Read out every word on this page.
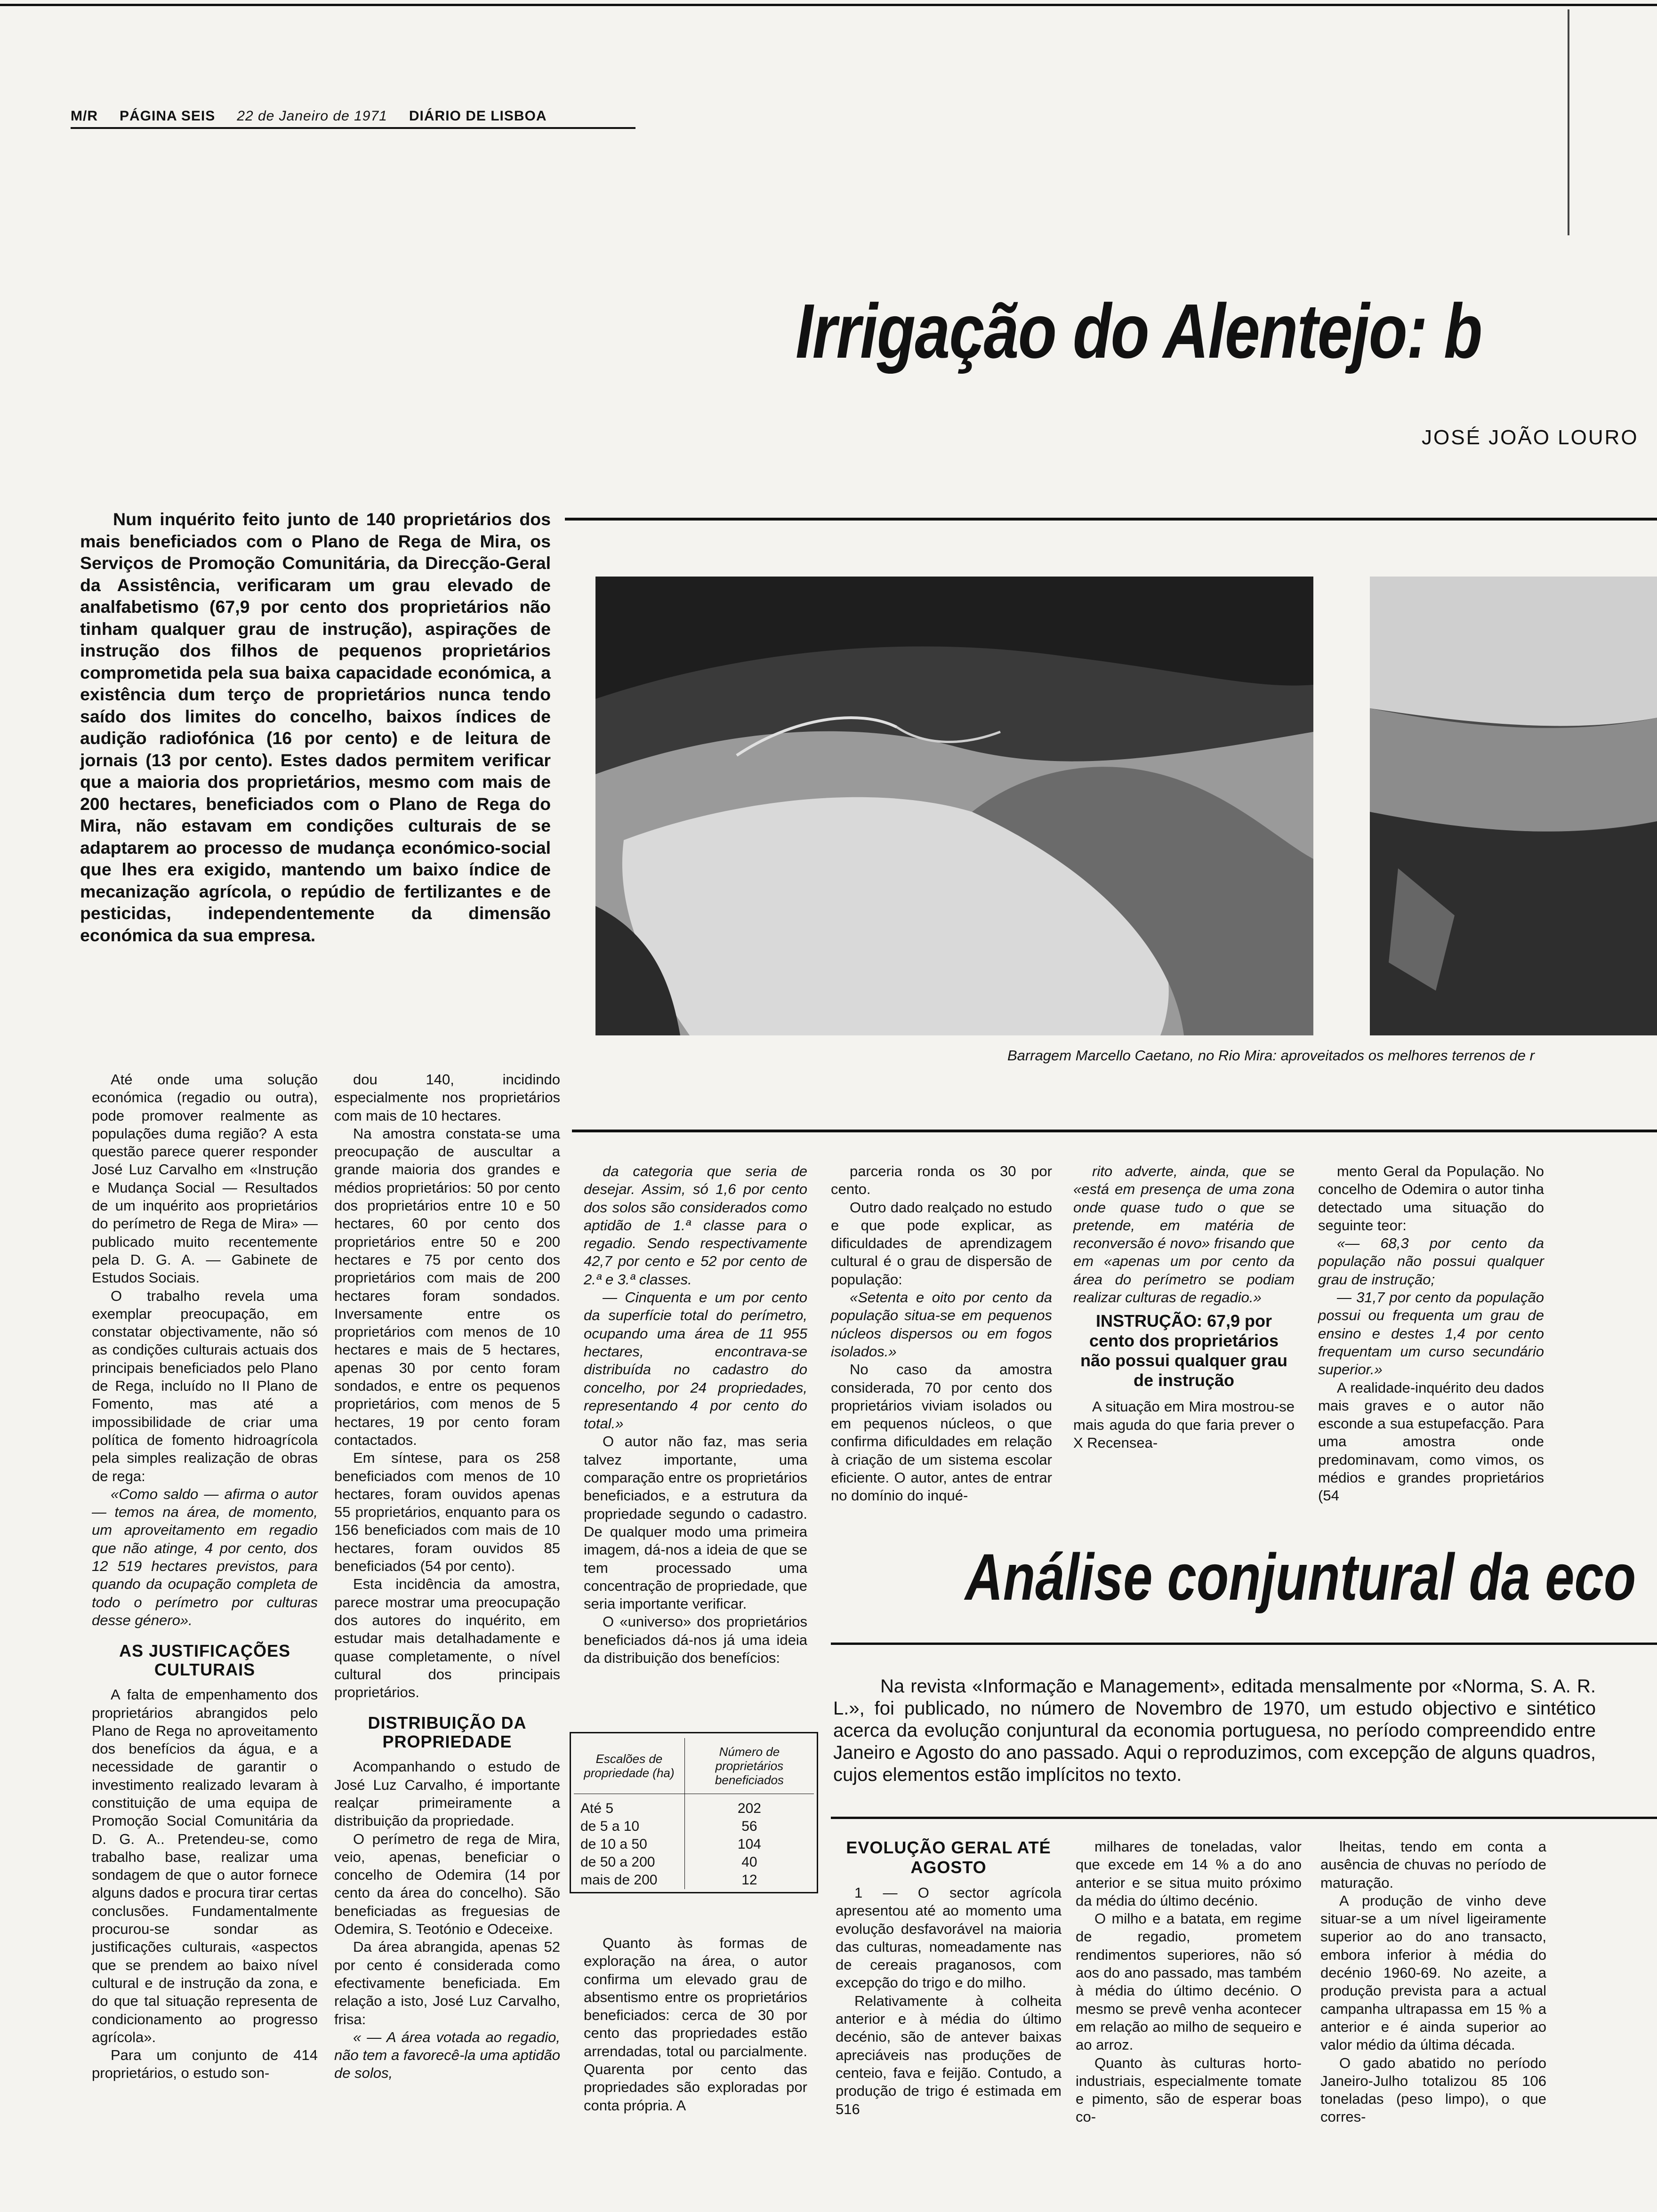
M/R PÁGINA SEIS 22 de Janeiro de 1971 DIÁRIO DE LISBOA
Irrigação do Alentejo: b
JOSÉ JOÃO LOURO
Num inquérito feito junto de 140 proprietários dos mais beneficiados com o Plano de Rega de Mira, os Serviços de Promoção Comunitária, da Direcção-Geral da Assistência, verificaram um grau elevado de analfabetismo (67,9 por cento dos proprietários não tinham qualquer grau de instrução), aspirações de instrução dos filhos de pequenos proprietários comprometida pela sua baixa capacidade económica, a existência dum terço de proprietários nunca tendo saído dos limites do concelho, baixos índices de audição radiofónica (16 por cento) e de leitura de jornais (13 por cento). Estes dados permitem verificar que a maioria dos proprietários, mesmo com mais de 200 hectares, beneficiados com o Plano de Rega do Mira, não estavam em condições culturais de se adaptarem ao processo de mudança económico-social que lhes era exigido, mantendo um baixo índice de mecanização agrícola, o repúdio de fertilizantes e de pesticidas, independentemente da dimensão económica da sua empresa.
Barragem Marcello Caetano, no Rio Mira: aproveitados os melhores terrenos de r

Até onde uma solução económica (regadio ou outra), pode promover realmente as populações duma região? A esta questão parece querer responder José Luz Carvalho em «Instrução e Mudança Social — Resultados de um inquérito aos proprietários do perímetro de Rega de Mira» — publicado muito recentemente pela D. G. A. — Gabinete de Estudos Sociais.

O trabalho revela uma exemplar preocupação, em constatar objectivamente, não só as condições culturais actuais dos principais beneficiados pelo Plano de Rega, incluído no II Plano de Fomento, mas até a impossibilidade de criar uma política de fomento hidroagrícola pela simples realização de obras de rega:

«Como saldo — afirma o autor — temos na área, de momento, um aproveitamento em regadio que não atinge, 4 por cento, dos 12 519 hectares previstos, para quando da ocupação completa de todo o perímetro por culturas desse género».

AS JUSTIFICAÇÕES CULTURAIS

A falta de empenhamento dos proprietários abrangidos pelo Plano de Rega no aproveitamento dos benefícios da água, e a necessidade de garantir o investimento realizado levaram à constituição de uma equipa de Promoção Social Comunitária da D. G. A.. Pretendeu-se, como trabalho base, realizar uma sondagem de que o autor fornece alguns dados e procura tirar certas conclusões. Fundamentalmente procurou-se sondar as justificações culturais, «aspectos que se prendem ao baixo nível cultural e de instrução da zona, e do que tal situação representa de condicionamento ao progresso agrícola».

Para um conjunto de 414 proprietários, o estudo son-

dou 140, incidindo especialmente nos proprietários com mais de 10 hectares.

Na amostra constata-se uma preocupação de auscultar a grande maioria dos grandes e médios proprietários: 50 por cento dos proprietários entre 10 e 50 hectares, 60 por cento dos proprietários entre 50 e 200 hectares e 75 por cento dos proprietários com mais de 200 hectares foram sondados. Inversamente entre os proprietários com menos de 10 hectares e mais de 5 hectares, apenas 30 por cento foram sondados, e entre os pequenos proprietários, com menos de 5 hectares, 19 por cento foram contactados.

Em síntese, para os 258 beneficiados com menos de 10 hectares, foram ouvidos apenas 55 proprietários, enquanto para os 156 beneficiados com mais de 10 hectares, foram ouvidos 85 beneficiados (54 por cento).

Esta incidência da amostra, parece mostrar uma preocupação dos autores do inquérito, em estudar mais detalhadamente e quase completamente, o nível cultural dos principais proprietários.

DISTRIBUIÇÃO DA PROPRIEDADE

Acompanhando o estudo de José Luz Carvalho, é importante realçar primeiramente a distribuição da propriedade.

O perímetro de rega de Mira, veio, apenas, beneficiar o concelho de Odemira (14 por cento da área do concelho). São beneficiadas as freguesias de Odemira, S. Teotónio e Odeceixe.

Da área abrangida, apenas 52 por cento é considerada como efectivamente beneficiada. Em relação a isto, José Luz Carvalho, frisa:

« — A área votada ao regadio, não tem a favorecê-la uma aptidão de solos,

da categoria que seria de desejar. Assim, só 1,6 por cento dos solos são considerados como aptidão de 1.ª classe para o regadio. Sendo respectivamente 42,7 por cento e 52 por cento de 2.ª e 3.ª classes.

— Cinquenta e um por cento da superfície total do perímetro, ocupando uma área de 11 955 hectares, encontrava-se distribuída no cadastro do concelho, por 24 propriedades, representando 4 por cento do total.»

O autor não faz, mas seria talvez importante, uma comparação entre os proprietários beneficiados, e a estrutura da propriedade segundo o cadastro. De qualquer modo uma primeira imagem, dá-nos a ideia de que se tem processado uma concentração de propriedade, que seria importante verificar.

O «universo» dos proprietários beneficiados dá-nos já uma ideia da distribuição dos benefícios:

Escalões de propriedade (ha)	Número de proprietários beneficiados
Até 5	202
de 5 a 10	56
de 10 a 50	104
de 50 a 200	40
mais de 200	12

Quanto às formas de exploração na área, o autor confirma um elevado grau de absentismo entre os proprietários beneficiados: cerca de 30 por cento das propriedades estão arrendadas, total ou parcialmente. Quarenta por cento das propriedades são exploradas por conta própria. A

parceria ronda os 30 por cento.

Outro dado realçado no estudo e que pode explicar, as dificuldades de aprendizagem cultural é o grau de dispersão de população:

«Setenta e oito por cento da população situa-se em pequenos núcleos dispersos ou em fogos isolados.»

No caso da amostra considerada, 70 por cento dos proprietários viviam isolados ou em pequenos núcleos, o que confirma dificuldades em relação à criação de um sistema escolar eficiente. O autor, antes de entrar no domínio do inqué-

rito adverte, ainda, que se «está em presença de uma zona onde quase tudo o que se pretende, em matéria de reconversão é novo» frisando que em «apenas um por cento da área do perímetro se podiam realizar culturas de regadio.»

INSTRUÇÃO: 67,9 por cento dos proprietários não possui qualquer grau de instrução

A situação em Mira mostrou-se mais aguda do que faria prever o X Recensea-

mento Geral da População. No concelho de Odemira o autor tinha detectado uma situação do seguinte teor:

«— 68,3 por cento da população não possui qualquer grau de instrução;

— 31,7 por cento da população possui ou frequenta um grau de ensino e destes 1,4 por cento frequentam um curso secundário superior.»

A realidade-inquérito deu dados mais graves e o autor não esconde a sua estupefacção. Para uma amostra onde predominavam, como vimos, os médios e grandes proprietários (54

Análise conjuntural da eco
Na revista «Informação e Management», editada mensalmente por «Norma, S. A. R. L.», foi publicado, no número de Novembro de 1970, um estudo objectivo e sintético acerca da evolução conjuntural da economia portuguesa, no período compreendido entre Janeiro e Agosto do ano passado. Aqui o reproduzimos, com excepção de alguns quadros, cujos elementos estão implícitos no texto.
EVOLUÇÃO GERAL ATÉ AGOSTO

1 — O sector agrícola apresentou até ao momento uma evolução desfavorável na maioria das culturas, nomeadamente nas de cereais praganosos, com excepção do trigo e do milho.

Relativamente à colheita anterior e à média do último decénio, são de antever baixas apreciáveis nas produções de centeio, fava e feijão. Contudo, a produção de trigo é estimada em 516

milhares de toneladas, valor que excede em 14 % a do ano anterior e se situa muito próximo da média do último decénio.

O milho e a batata, em regime de regadio, prometem rendimentos superiores, não só aos do ano passado, mas também à média do último decénio. O mesmo se prevê venha acontecer em relação ao milho de sequeiro e ao arroz.

Quanto às culturas horto-industriais, especialmente tomate e pimento, são de esperar boas co-

lheitas, tendo em conta a ausência de chuvas no período de maturação.

A produção de vinho deve situar-se a um nível ligeiramente superior ao do ano transacto, embora inferior à média do decénio 1960-69. No azeite, a produção prevista para a actual campanha ultrapassa em 15 % a anterior e é ainda superior ao valor médio da última década.

O gado abatido no período Janeiro-Julho totalizou 85 106 toneladas (peso limpo), o que corres-
